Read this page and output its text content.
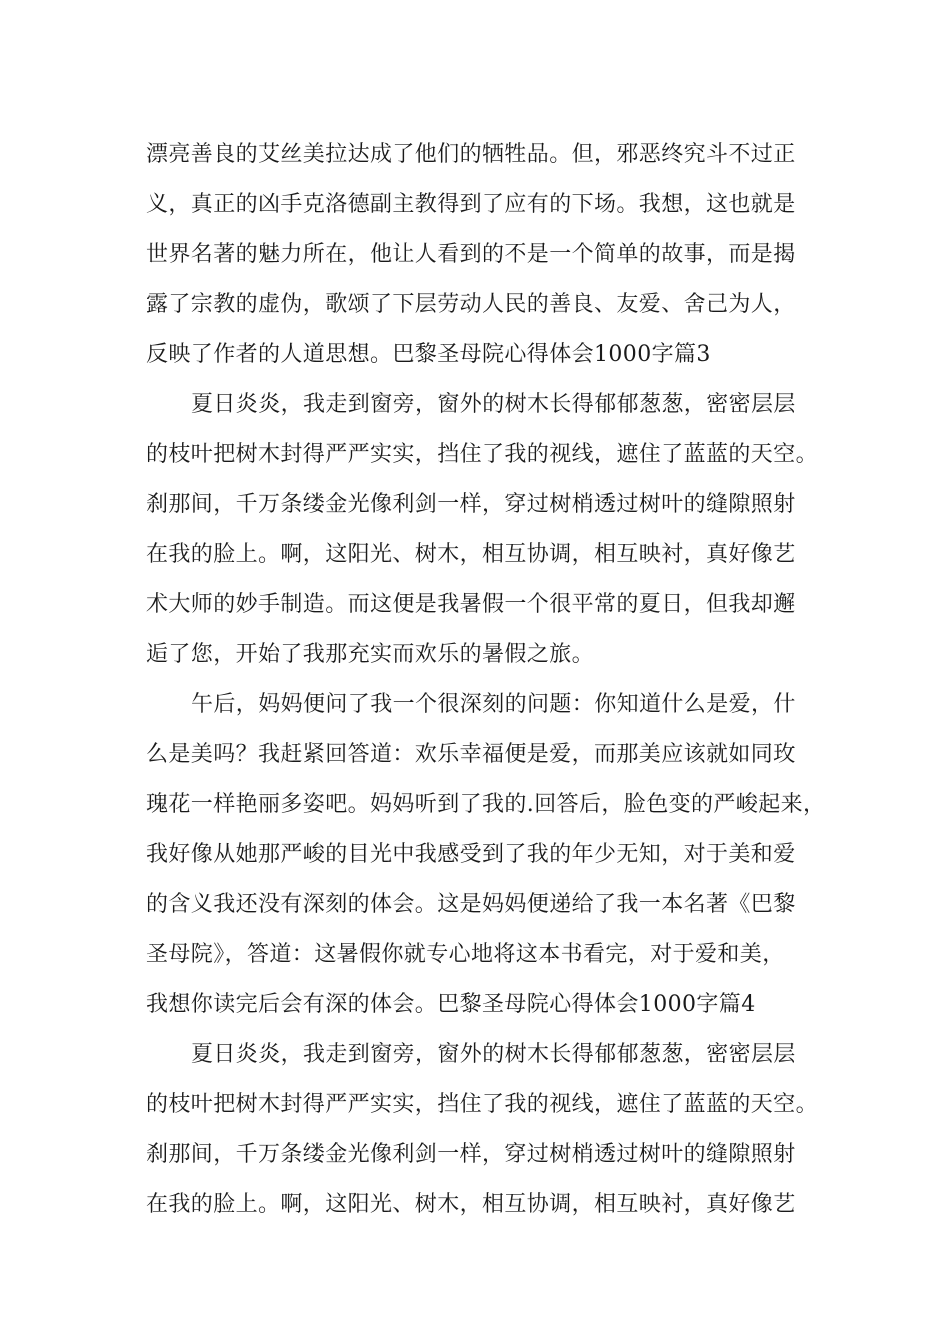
漂亮善良的艾丝美拉达成了他们的牺牲品。但，邪恶终究斗不过正
义，真正的凶手克洛德副主教得到了应有的下场。我想，这也就是
世界名著的魅力所在，他让人看到的不是一个简单的故事，而是揭
露了宗教的虚伪，歌颂了下层劳动人民的善良、友爱、舍己为人，
反映了作者的人道思想。巴黎圣母院心得体会1000字篇3
夏日炎炎，我走到窗旁，窗外的树木长得郁郁葱葱，密密层层
的枝叶把树木封得严严实实，挡住了我的视线，遮住了蓝蓝的天空。
刹那间，千万条缕金光像利剑一样，穿过树梢透过树叶的缝隙照射
在我的脸上。啊，这阳光、树木，相互协调，相互映衬，真好像艺
术大师的妙手制造。而这便是我暑假一个很平常的夏日，但我却邂
逅了您，开始了我那充实而欢乐的暑假之旅。
午后，妈妈便问了我一个很深刻的问题：你知道什么是爱，什
么是美吗？我赶紧回答道：欢乐幸福便是爱，而那美应该就如同玫
瑰花一样艳丽多姿吧。妈妈听到了我的.回答后，脸色变的严峻起来，
我好像从她那严峻的目光中我感受到了我的年少无知，对于美和爱
的含义我还没有深刻的体会。这是妈妈便递给了我一本名著《巴黎
圣母院》，答道：这暑假你就专心地将这本书看完，对于爱和美，
我想你读完后会有深的体会。巴黎圣母院心得体会1000字篇4
夏日炎炎，我走到窗旁，窗外的树木长得郁郁葱葱，密密层层
的枝叶把树木封得严严实实，挡住了我的视线，遮住了蓝蓝的天空。
刹那间，千万条缕金光像利剑一样，穿过树梢透过树叶的缝隙照射
在我的脸上。啊，这阳光、树木，相互协调，相互映衬，真好像艺
